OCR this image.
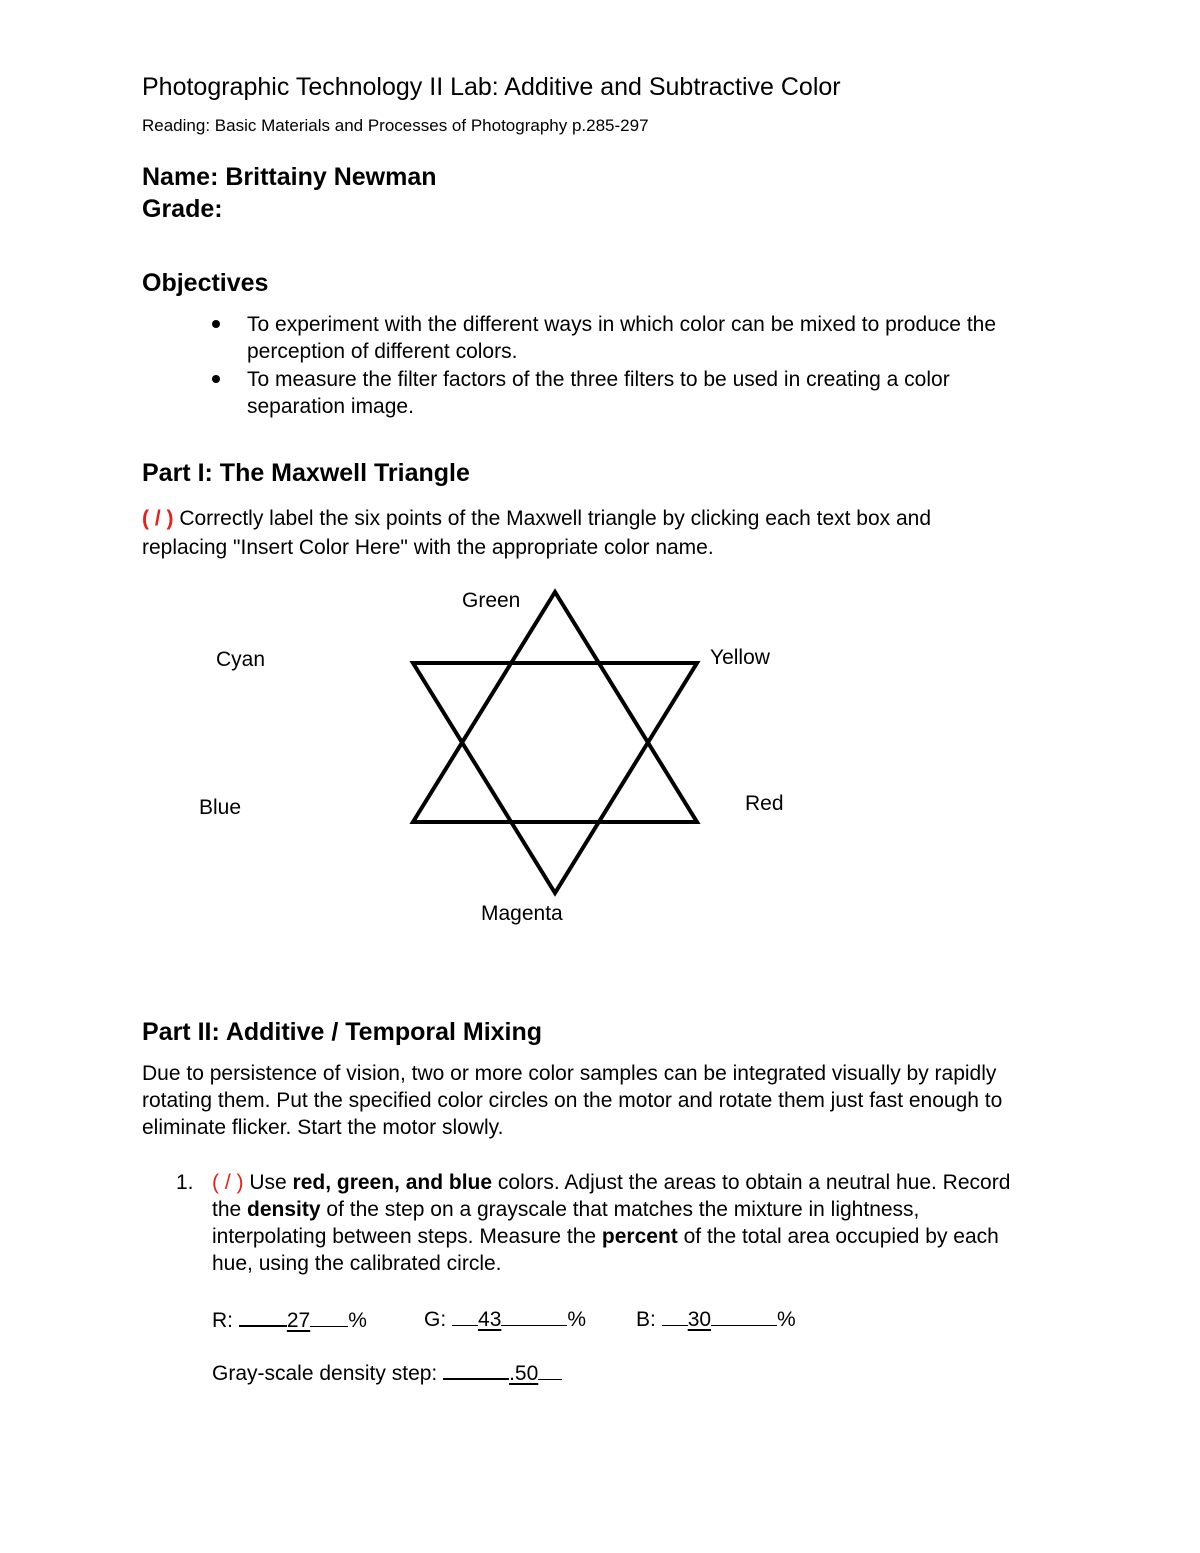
Photographic Technology II Lab: Additive and Subtractive Color
Reading: Basic Materials and Processes of Photography p.285-297
Name: Brittainy Newman
Grade:
Objectives
To experiment with the different ways in which color can be mixed to produce the
perception of different colors.
To measure the filter factors of the three filters to be used in creating a color
separation image.
Part I: The Maxwell Triangle
( / ) Correctly label the six points of the Maxwell triangle by clicking each text box and
replacing "Insert Color Here" with the appropriate color name.
Green
Yellow
Cyan
Blue	Red
Magenta
Part II: Additive / Temporal Mixing
Due to persistence of vision, two or more color samples can be integrated visually by rapidly
rotating them. Put the specified color circles on the motor and rotate them just fast enough to
eliminate flicker. Start the motor slowly.
1. ( / ) Use red, green, and blue colors. Adjust the areas to obtain a neutral hue. Record
the density of the step on a grayscale that matches the mixture in lightness,
interpolating between steps. Measure the percent of the total area occupied by each
hue, using the calibrated circle.
R: 27 %	G: 43	% B: 30	%
Gray-scale density step:	.50
